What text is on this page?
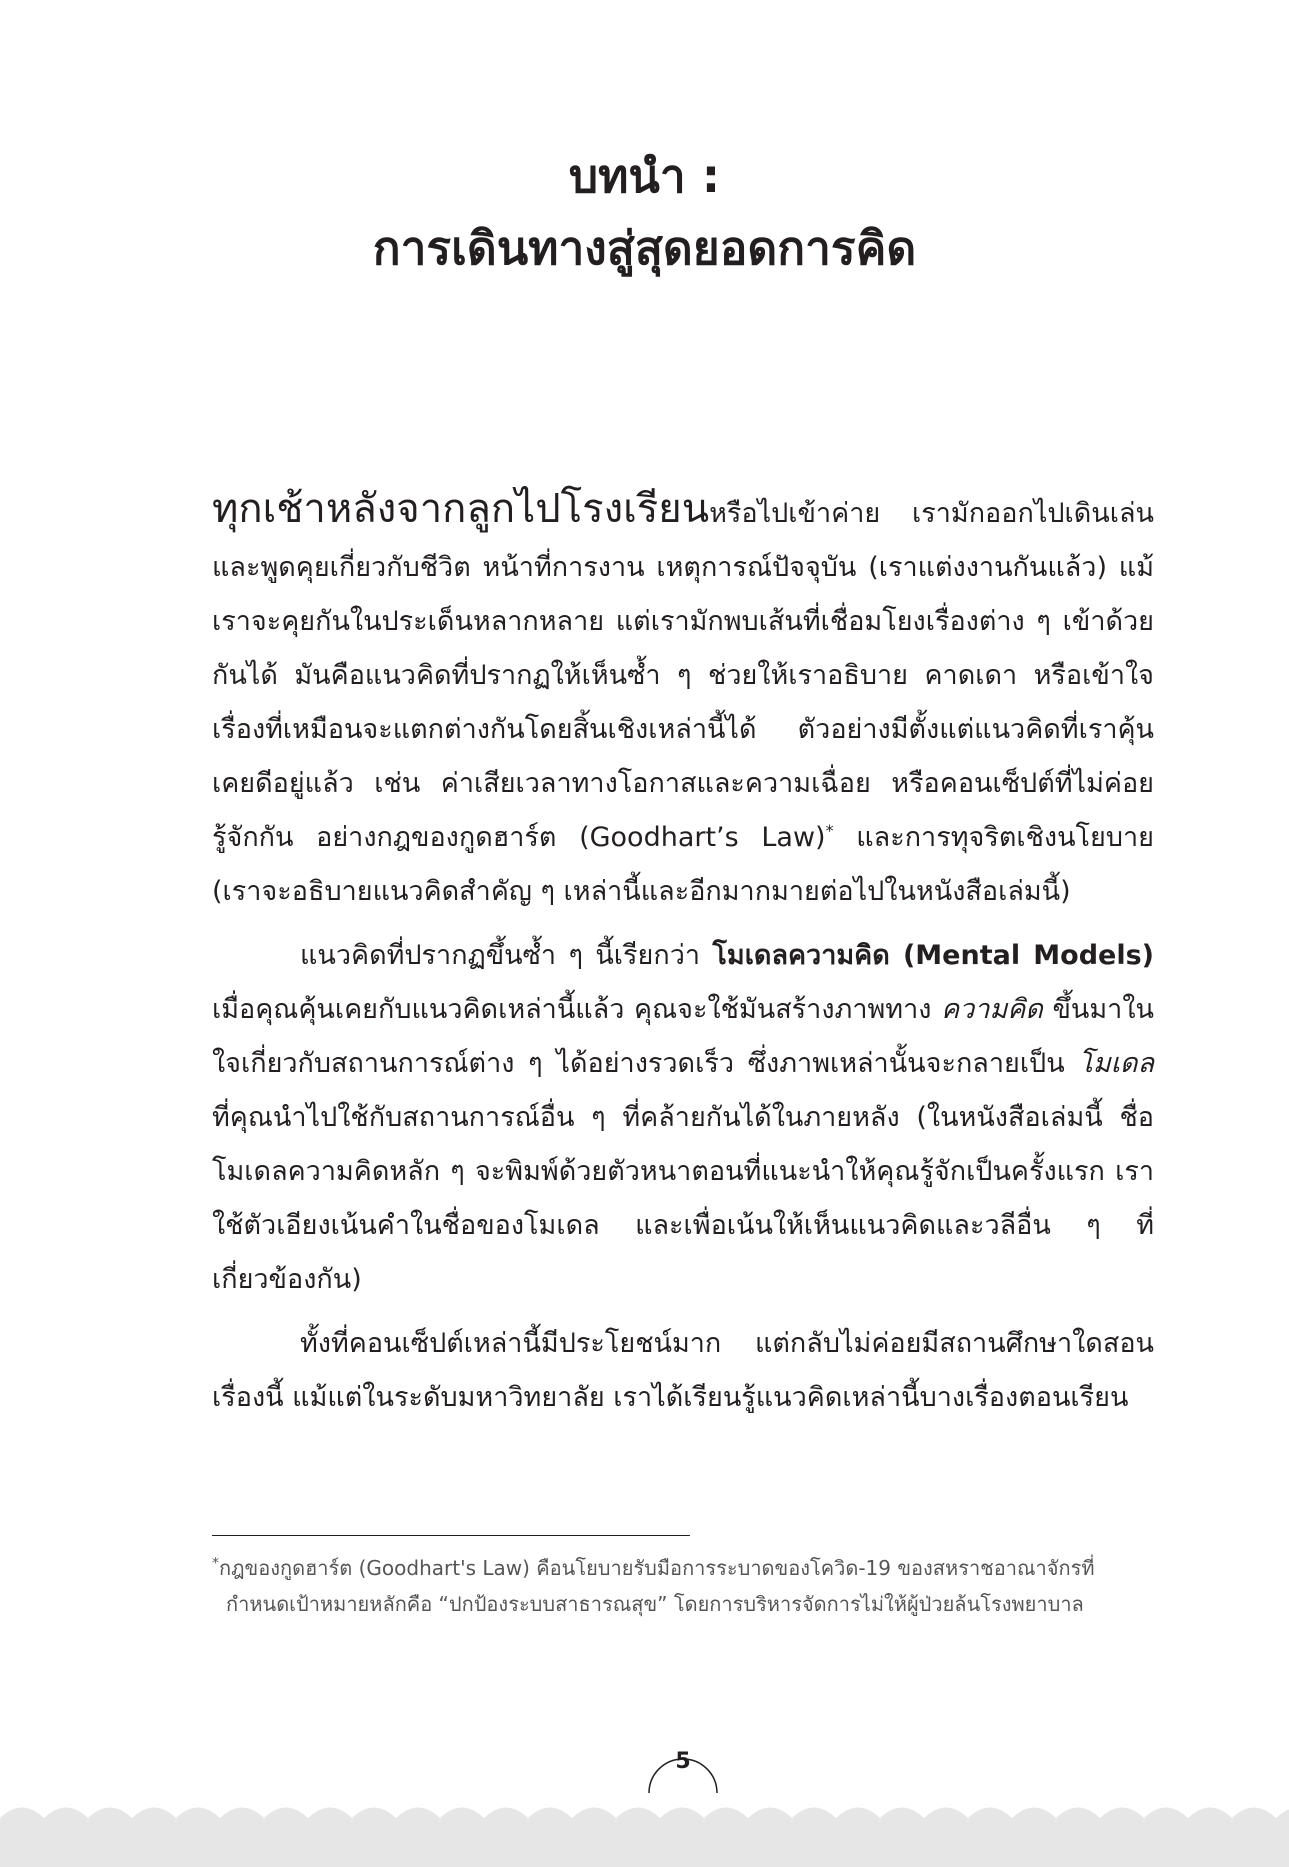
บทนำ :
การเดินทางสู่สุดยอดการคิด

ทุกเช้าหลังจากลูกไปโรงเรียนหรือไปเข้าค่าย เรามักออกไปเดินเล่นและพูดคุยเกี่ยวกับชีวิต หน้าที่การงาน เหตุการณ์ปัจจุบัน (เราแต่งงานกันแล้ว) แม้เราจะคุยกันในประเด็นหลากหลาย แต่เรามักพบเส้นที่เชื่อมโยงเรื่องต่าง ๆ เข้าด้วยกันได้ มันคือแนวคิดที่ปรากฏให้เห็นซ้ำ ๆ ช่วยให้เราอธิบาย คาดเดา หรือเข้าใจเรื่องที่เหมือนจะแตกต่างกันโดยสิ้นเชิงเหล่านี้ได้ ตัวอย่างมีตั้งแต่แนวคิดที่เราคุ้นเคยดีอยู่แล้ว เช่น ค่าเสียเวลาทางโอกาสและความเฉื่อย หรือคอนเซ็ปต์ที่ไม่ค่อยรู้จักกัน อย่างกฎของกูดฮาร์ต (Goodhart’s Law)* และการทุจริตเชิงนโยบาย (เราจะอธิบายแนวคิดสำคัญ ๆ เหล่านี้และอีกมากมายต่อไปในหนังสือเล่มนี้)

แนวคิดที่ปรากฏขึ้นซ้ำ ๆ นี้เรียกว่า โมเดลความคิด (Mental Models) เมื่อคุณคุ้นเคยกับแนวคิดเหล่านี้แล้ว คุณจะใช้มันสร้างภาพทาง ความคิด ขึ้นมาในใจเกี่ยวกับสถานการณ์ต่าง ๆ ได้อย่างรวดเร็ว ซึ่งภาพเหล่านั้นจะกลายเป็น โมเดล ที่คุณนำไปใช้กับสถานการณ์อื่น ๆ ที่คล้ายกันได้ในภายหลัง (ในหนังสือเล่มนี้ ชื่อโมเดลความคิดหลัก ๆ จะพิมพ์ด้วยตัวหนาตอนที่แนะนำให้คุณรู้จักเป็นครั้งแรก เราใช้ตัวเอียงเน้นคำในชื่อของโมเดล และเพื่อเน้นให้เห็นแนวคิดและวลีอื่น ๆ ที่เกี่ยวข้องกัน)

ทั้งที่คอนเซ็ปต์เหล่านี้มีประโยชน์มาก แต่กลับไม่ค่อยมีสถานศึกษาใดสอนเรื่องนี้ แม้แต่ในระดับมหาวิทยาลัย เราได้เรียนรู้แนวคิดเหล่านี้บางเรื่องตอนเรียน

*กฎของกูดฮาร์ต (Goodhart's Law) คือนโยบายรับมือการระบาดของโควิด-19 ของสหราชอาณาจักรที่กำหนดเป้าหมายหลักคือ “ปกป้องระบบสาธารณสุข” โดยการบริหารจัดการไม่ให้ผู้ป่วยล้นโรงพยาบาล

5
